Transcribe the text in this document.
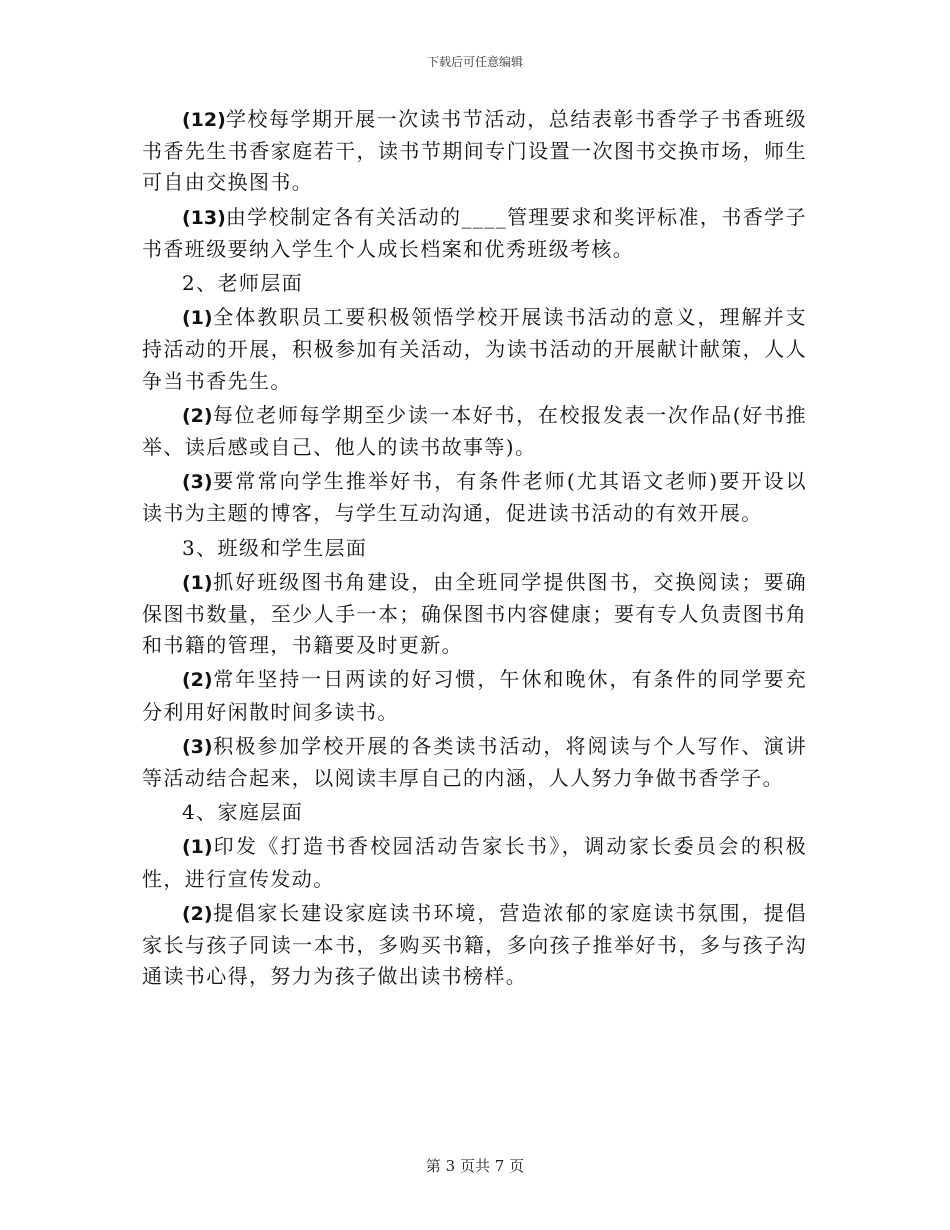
下载后可任意编辑

(12)学校每学期开展一次读书节活动，总结表彰书香学子书香班级书香先生书香家庭若干，读书节期间专门设置一次图书交换市场，师生可自由交换图书。

(13)由学校制定各有关活动的____管理要求和奖评标准，书香学子书香班级要纳入学生个人成长档案和优秀班级考核。

2、老师层面

(1)全体教职员工要积极领悟学校开展读书活动的意义，理解并支持活动的开展，积极参加有关活动，为读书活动的开展献计献策，人人争当书香先生。

(2)每位老师每学期至少读一本好书，在校报发表一次作品(好书推举、读后感或自己、他人的读书故事等)。

(3)要常常向学生推举好书，有条件老师(尤其语文老师)要开设以读书为主题的博客，与学生互动沟通，促进读书活动的有效开展。

3、班级和学生层面

(1)抓好班级图书角建设，由全班同学提供图书，交换阅读；要确保图书数量，至少人手一本；确保图书内容健康；要有专人负责图书角和书籍的管理，书籍要及时更新。

(2)常年坚持一日两读的好习惯，午休和晚休，有条件的同学要充分利用好闲散时间多读书。

(3)积极参加学校开展的各类读书活动，将阅读与个人写作、演讲等活动结合起来，以阅读丰厚自己的内涵，人人努力争做书香学子。

4、家庭层面

(1)印发《打造书香校园活动告家长书》，调动家长委员会的积极性，进行宣传发动。

(2)提倡家长建设家庭读书环境，营造浓郁的家庭读书氛围，提倡家长与孩子同读一本书，多购买书籍，多向孩子推举好书，多与孩子沟通读书心得，努力为孩子做出读书榜样。

第 3 页共 7 页
